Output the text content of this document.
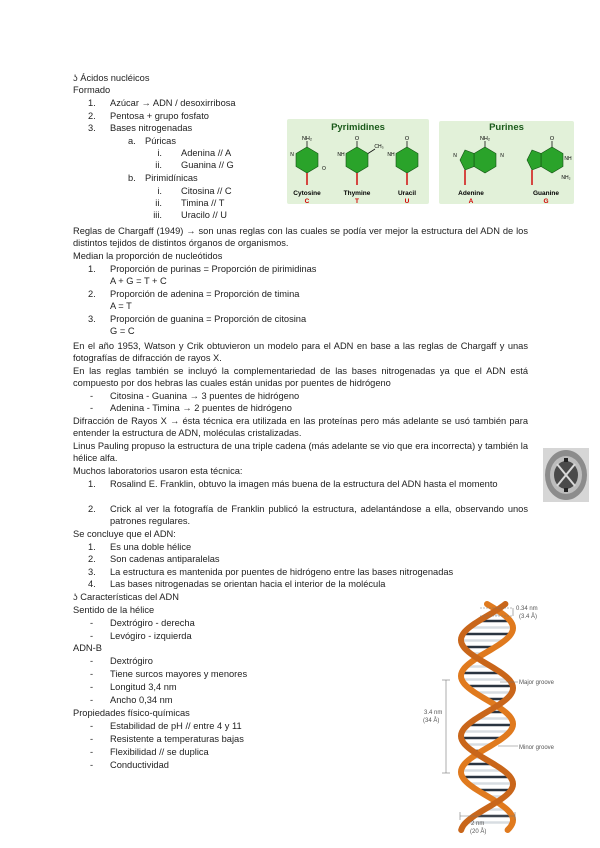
ʖ Ácidos nucléicos
Formado
1. Azúcar → ADN / desoxirribosa
2. Pentosa + grupo fosfato
3. Bases nitrogenadas
a. Púricas
i. Adenina // A
ii. Guanina // G
b. Pirimidínicas
i. Citosina // C
ii. Timina // T
iii. Uracilo // U
Pyrimidines	Purines
NH₂
N
O
O
CH₃
NH
O
NH
NH₂
N
N
O
NH
NH₂
Cytosine
C
Thymine
T
Uracil
U
Adenine
A
Guanine
G
Reglas de Chargaff (1949) → son unas reglas con las cuales se podía ver mejor la estructura del ADN de los distintos tejidos de distintos órganos de organismos.
Median la proporción de nucleótidos
1. Proporción de purinas = Proporción de pirimidinas
A + G = T + C
2. Proporción de adenina = Proporción de timina
A = T
3. Proporción de guanina = Proporción de citosina
G = C
En el año 1953, Watson y Crik obtuvieron un modelo para el ADN en base a las reglas de Chargaff y unas fotografías de difracción de rayos X.
En las reglas también se incluyó la complementariedad de las bases nitrogenadas ya que el ADN está compuesto por dos hebras las cuales están unidas por puentes de hidrógeno
- Citosina - Guanina → 3 puentes de hidrógeno
- Adenina - Timina → 2 puentes de hidrógeno
Difracción de Rayos X → ésta técnica era utilizada en las proteínas pero más adelante se usó también para entender la estructura de ADN, moléculas cristalizadas.
Linus Pauling propuso la estructura de una triple cadena (más adelante se vio que era incorrecta) y también la hélice alfa.
Muchos laboratorios usaron esta técnica:
1. Rosalind E. Franklin, obtuvo la imagen más buena de la estructura del ADN hasta el momento
2. Crick al ver la fotografía de Franklin publicó la estructura, adelantándose a ella, observando unos patrones regulares.
Se concluye que el ADN:
1. Es una doble hélice
2. Son cadenas antiparalelas
3. La estructura es mantenida por puentes de hidrógeno entre las bases nitrogenadas
4. Las bases nitrogenadas se orientan hacia el interior de la molécula
ʖ Características del ADN
Sentido de la hélice
- Dextrógiro - derecha
- Levógiro - izquierda
ADN-B
- Dextrógiro
- Tiene surcos mayores y menores
- Longitud 3,4 nm
- Ancho 0,34 nm
Propiedades físico-químicas
- Estabilidad de pH // entre 4 y 11
- Resistente a temperaturas bajas
- Flexibilidad // se duplica
- Conductividad
0.34 nm
(3.4 Å)
Major groove
Minor groove
3.4 nm
(34 Å)
2 nm
(20 Å)
